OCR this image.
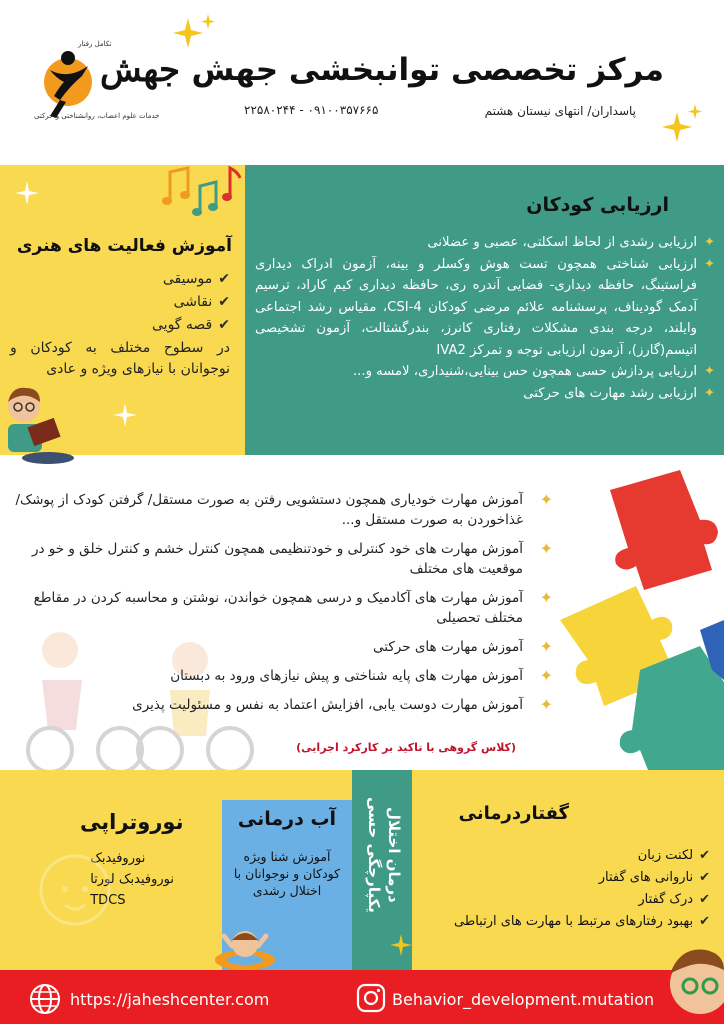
تکامل رفتار
جهش
خدمات علوم اعصاب، روانشناختی و حرکتی
مرکز تخصصی توانبخشی جهش
پاسداران/ انتهای نیستان هشتم
۲۲۵۸۰۲۴۴ - ۰۹۱۰۰۳۵۷۶۶۵
آموزش فعالیت های هنری
✔موسیقی
✔نقاشی
✔قصه گویی
در سطوح مختلف به کودکان و نوجوانان با نیازهای ویژه و عادی
ارزیابی کودکان
✦
ارزیابی رشدی از لحاظ اسکلتی، عصبی و عضلانی
✦
ارزیابی شناختی همچون تست هوش وکسلر و بینه، آزمون ادراک دیداری فراستینگ، حافظه دیداری- فضایی آندره ری، حافظه دیداری کیم کاراد، ترسیم آدمک گودیناف، پرسشنامه علائم مرضی کودکان CSI-4، مقیاس رشد اجتماعی وایلند، درجه بندی مشکلات رفتاری کانرز، بندرگشتالت، آزمون تشخیصی اتیسم(گارز)، آزمون ارزیابی توجه و تمرکز IVA2
✦
ارزیابی پردازش حسی همچون حس بینایی،شنیداری، لامسه و...
✦
ارزیابی رشد مهارت های حرکتی
✦
آموزش مهارت خودیاری همچون دستشویی رفتن به صورت مستقل/ گرفتن کودک از پوشک/غذاخوردن به صورت مستقل و...
✦
آموزش مهارت های خود کنترلی و خودتنظیمی همچون کنترل خشم و کنترل خلق و خو در موقعیت های مختلف
✦
آموزش مهارت های آکادمیک و درسی همچون خواندن، نوشتن و محاسبه کردن در مقاطع مختلف تحصیلی
✦
آموزش مهارت های حرکتی
✦
آموزش مهارت های پایه شناختی و پیش نیازهای ورود به دبستان
✦
آموزش مهارت دوست یابی، افزایش اعتماد به نفس و مسئولیت پذیری
(کلاس گروهی با تاکید بر کارکرد اجرایی)
نوروتراپی
نوروفیدبک
نوروفیدبک لورتا
TDCS
آب درمانی
آموزش شنا ویژه کودکان و نوجوانان با اختلال رشدی	درمان اختلال یکپارچگی حسی	گفتاردرمانی
✔لکنت زبان
✔ناروانی های گفتار
✔درک گفتار
✔بهبود رفتارهای مرتبط با مهارت های ارتباطی
https://jaheshcenter.com	Behavior_development.mutation
